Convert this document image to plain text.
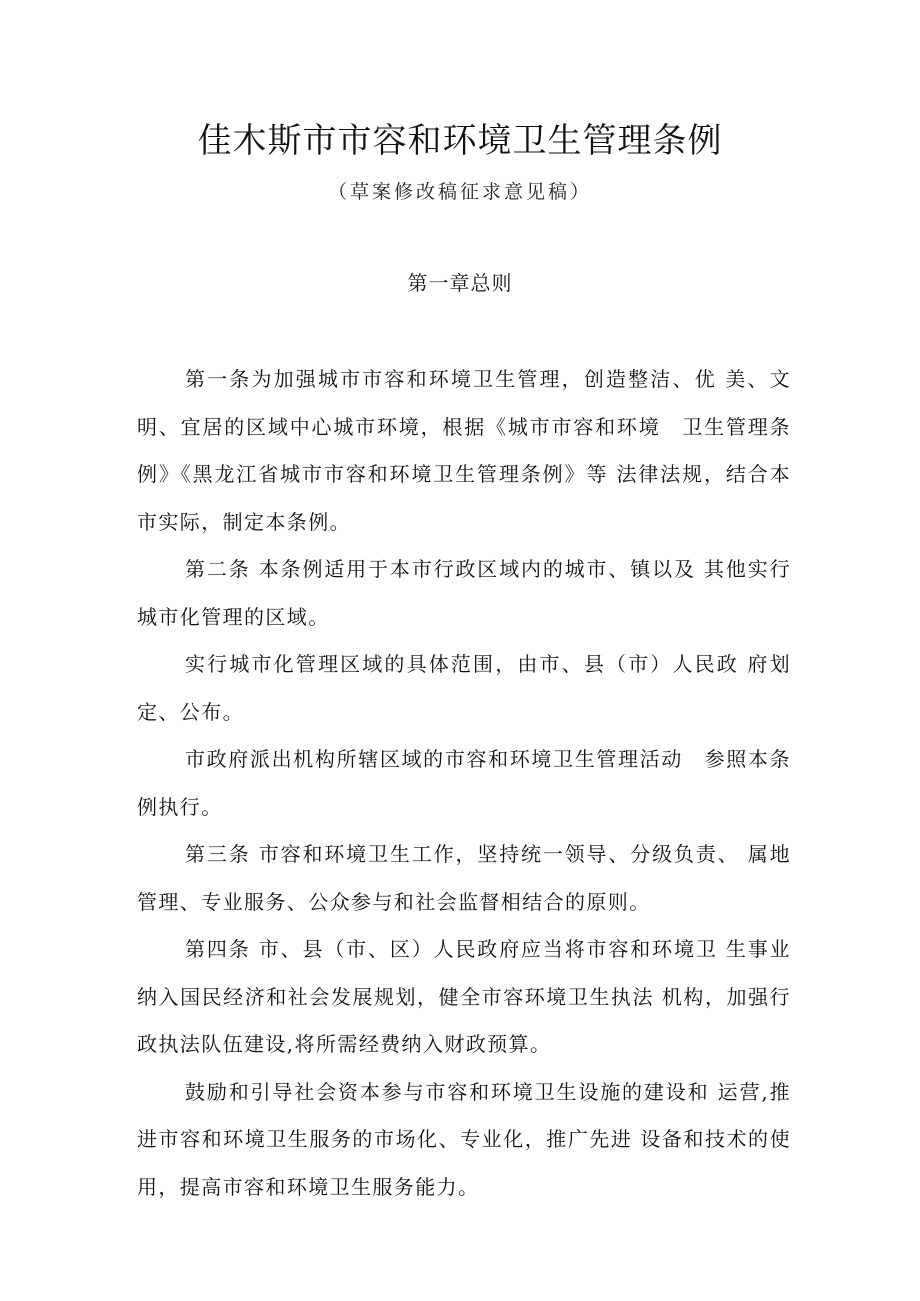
佳木斯市市容和环境卫生管理条例
（草案修改稿征求意见稿）
第一章总则

第一条为加强城市市容和环境卫生管理，创造整洁、优 美、文明、宜居的区域中心城市环境，根据《城市市容和环境　卫生管理条例》《黑龙江省城市市容和环境卫生管理条例》等 法律法规，结合本市实际，制定本条例。

第二条 本条例适用于本市行政区域内的城市、镇以及 其他实行城市化管理的区域。

实行城市化管理区域的具体范围，由市、县（市）人民政 府划定、公布。

市政府派出机构所辖区域的市容和环境卫生管理活动　参照本条例执行。

第三条 市容和环境卫生工作，坚持统一领导、分级负责、 属地管理、专业服务、公众参与和社会监督相结合的原则。

第四条 市、县（市、区）人民政府应当将市容和环境卫 生事业纳入国民经济和社会发展规划，健全市容环境卫生执法 机构，加强行政执法队伍建设,将所需经费纳入财政预算。

鼓励和引导社会资本参与市容和环境卫生设施的建设和 运营,推进市容和环境卫生服务的市场化、专业化，推广先进 设备和技术的使用，提高市容和环境卫生服务能力。
